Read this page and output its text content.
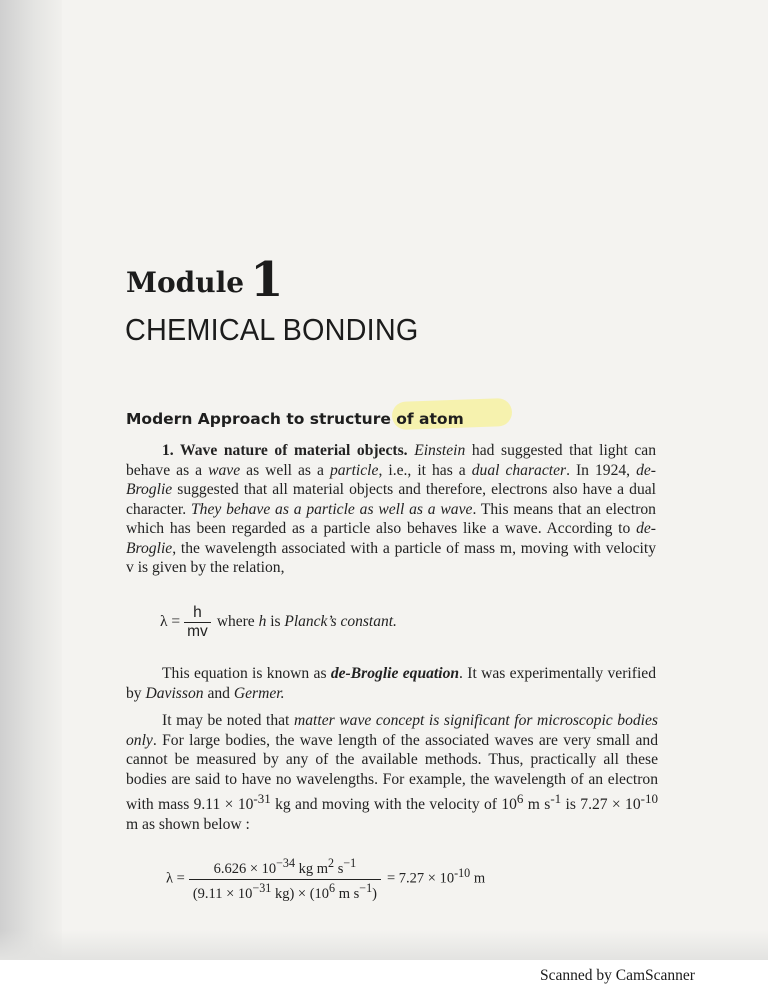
Module 1
CHEMICAL BONDING
Modern Approach to structure of atom
1. Wave nature of material objects. Einstein had suggested that light can behave as a wave as well as a particle, i.e., it has a dual character. In 1924, de-Broglie suggested that all material objects and therefore, electrons also have a dual character. They behave as a particle as well as a wave. This means that an electron which has been regarded as a particle also behaves like a wave. According to de-Broglie, the wavelength associated with a particle of mass m, moving with velocity v is given by the relation,
$\lambda = \frac{h}{mv}$ where h is Planck’s constant.
This equation is known as de-Broglie equation. It was experimentally verified by Davisson and Germer.
It may be noted that matter wave concept is significant for microscopic bodies only. For large bodies, the wave length of the associated waves are very small and cannot be measured by any of the available methods. Thus, practically all these bodies are said to have no wavelengths. For example, the wavelength of an electron with mass $9.11 \times 10^{-31}$ kg and moving with the velocity of $10^6$ m $s^{-1}$ is $7.27 \times 10^{-10}$ m as shown below :
$\lambda = \frac{6.626 \times 10^{-34} kg m^2 s^{-1}}{(9.11 \times 10^{-31} kg) \times (10^6 m s^{-1})} = 7.27 \times 10^{-10}$ m
Scanned by CamScanner
